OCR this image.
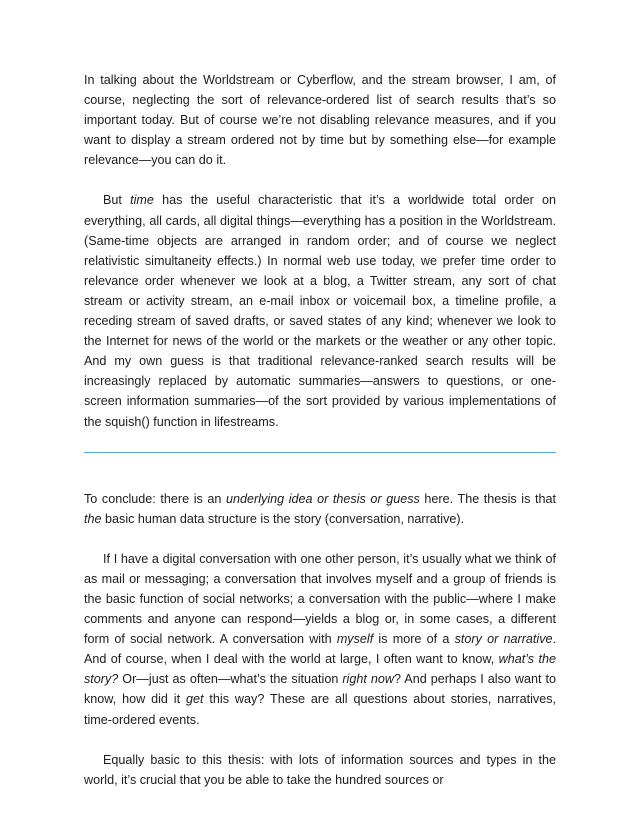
In talking about the Worldstream or Cyberflow, and the stream browser, I am, of course, neglecting the sort of relevance-ordered list of search results that’s so important today. But of course we’re not disabling relevance measures, and if you want to display a stream ordered not by time but by something else—for example relevance—you can do it.

But time has the useful characteristic that it’s a worldwide total order on everything, all cards, all digital things—everything has a position in the Worldstream. (Same-time objects are arranged in random order; and of course we neglect relativistic simultaneity effects.) In normal web use today, we prefer time order to relevance order whenever we look at a blog, a Twitter stream, any sort of chat stream or activity stream, an e-mail inbox or voicemail box, a timeline profile, a receding stream of saved drafts, or saved states of any kind; whenever we look to the Internet for news of the world or the markets or the weather or any other topic. And my own guess is that traditional relevance-ranked search results will be increasingly replaced by automatic summaries—answers to questions, or one-screen information summaries—of the sort provided by various implementations of the squish() function in lifestreams.

To conclude: there is an underlying idea or thesis or guess here. The thesis is that the basic human data structure is the story (conversation, narrative).

If I have a digital conversation with one other person, it’s usually what we think of as mail or messaging; a conversation that involves myself and a group of friends is the basic function of social networks; a conversation with the public—where I make comments and anyone can respond—yields a blog or, in some cases, a different form of social network. A conversation with myself is more of a story or narrative. And of course, when I deal with the world at large, I often want to know, what’s the story? Or—just as often—what’s the situation right now? And perhaps I also want to know, how did it get this way? These are all questions about stories, narratives, time-ordered events.

Equally basic to this thesis: with lots of information sources and types in the world, it’s crucial that you be able to take the hundred sources or
